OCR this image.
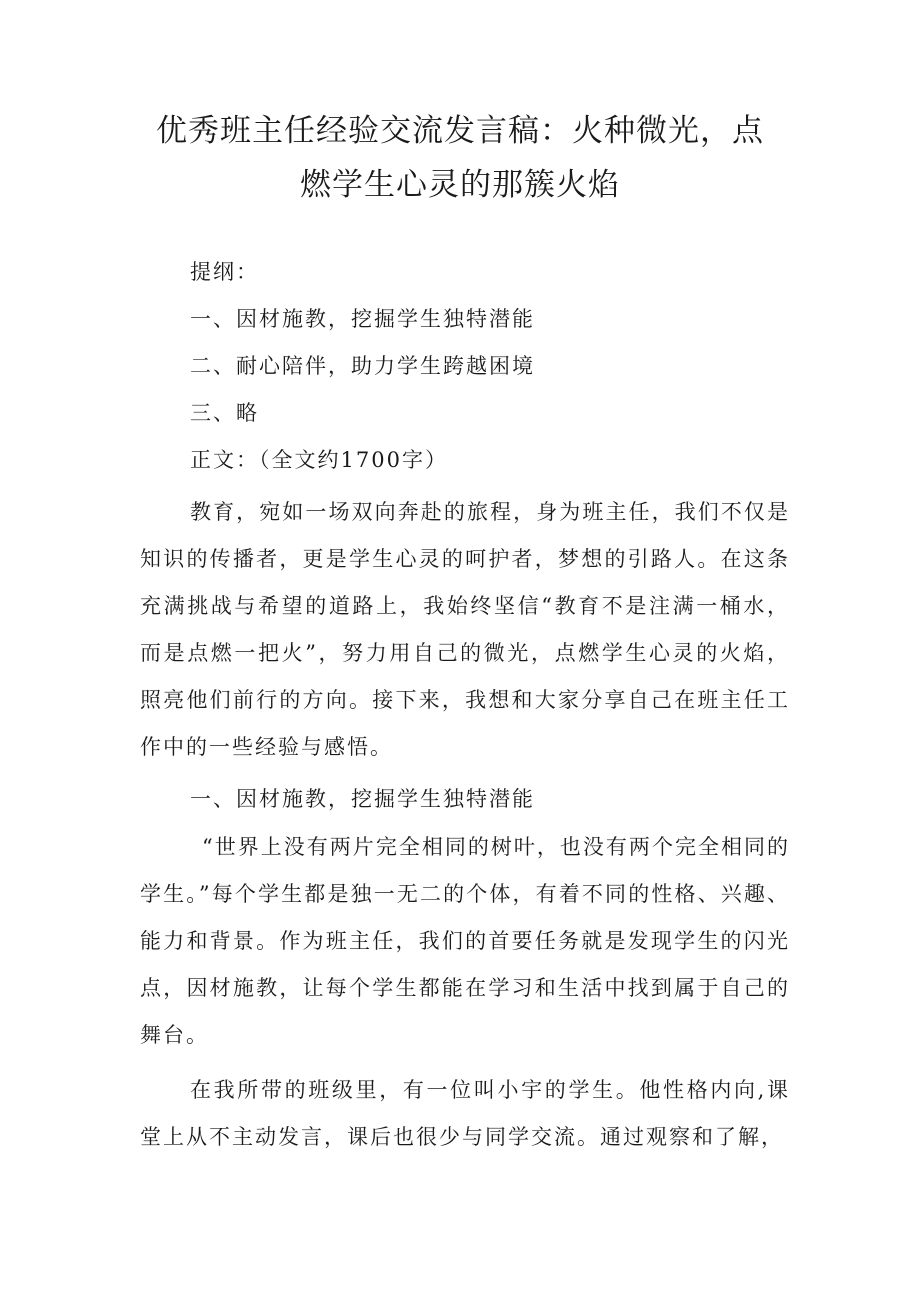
优秀班主任经验交流发言稿：火种微光，点
燃学生心灵的那簇火焰
提纲：
一、因材施教，挖掘学生独特潜能
二、耐心陪伴，助力学生跨越困境
三、略
正文：（全文约1700字）

教育，宛如一场双向奔赴的旅程，身为班主任，我们不仅是知识的传播者，更是学生心灵的呵护者，梦想的引路人。在这条充满挑战与希望的道路上，我始终坚信“教育不是注满一桶水，而是点燃一把火”，努力用自己的微光，点燃学生心灵的火焰，照亮他们前行的方向。接下来，我想和大家分享自己在班主任工作中的一些经验与感悟。

一、因材施教，挖掘学生独特潜能

“世界上没有两片完全相同的树叶，也没有两个完全相同的学生。”每个学生都是独一无二的个体，有着不同的性格、兴趣、能力和背景。作为班主任，我们的首要任务就是发现学生的闪光点，因材施教，让每个学生都能在学习和生活中找到属于自己的舞台。

在我所带的班级里，有一位叫小宇的学生。他性格内向,课堂上从不主动发言，课后也很少与同学交流。通过观察和了解，
